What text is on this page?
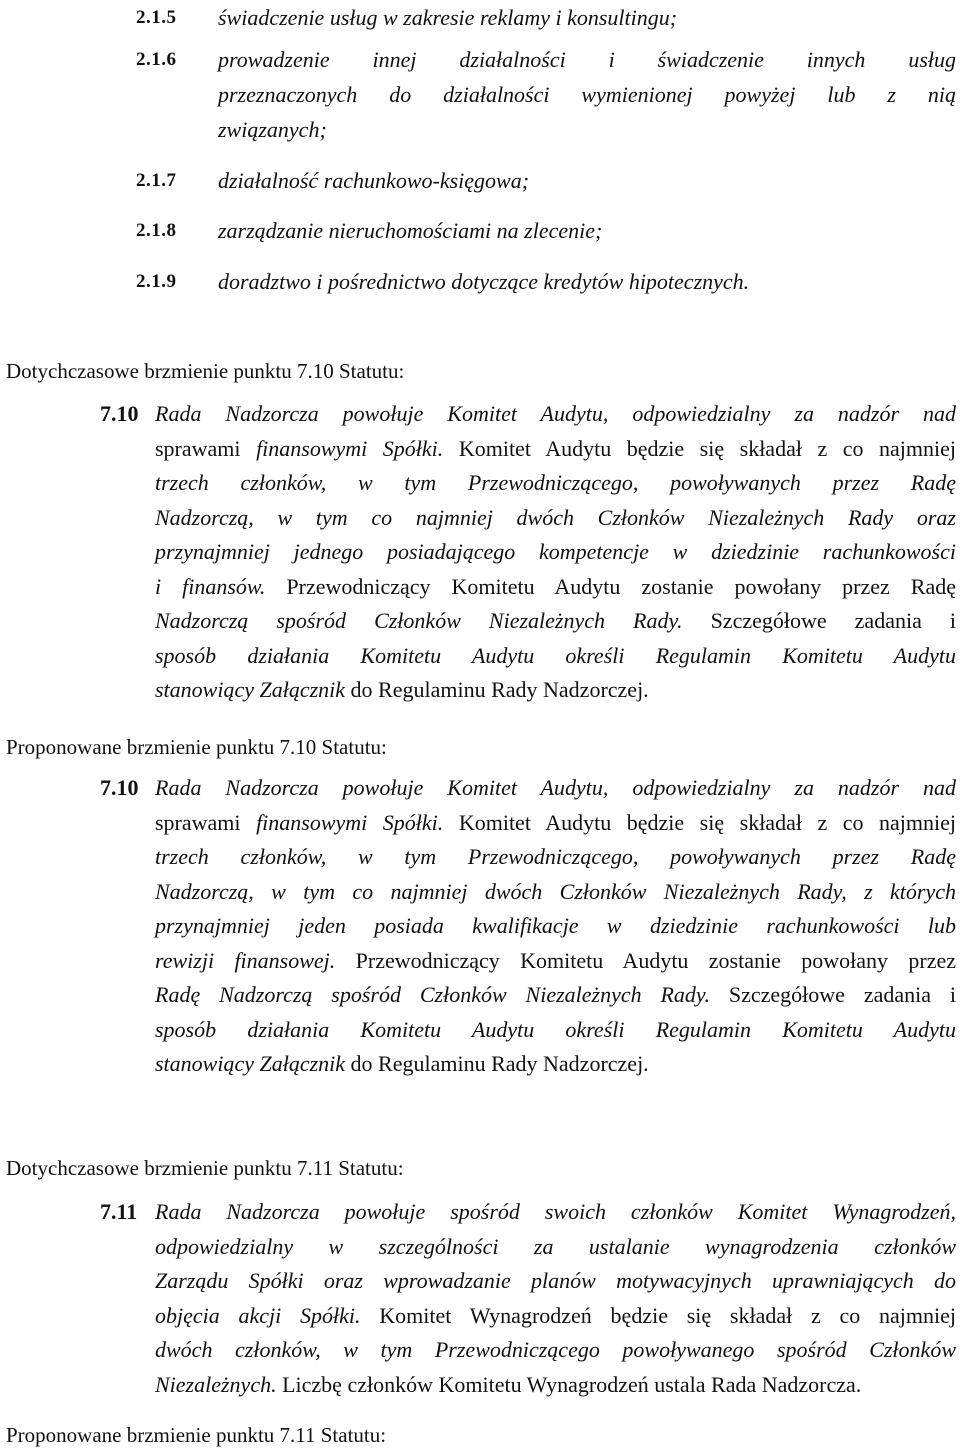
2.1.5 świadczenie usług w zakresie reklamy i konsultingu;
2.1.6 prowadzenie innej działalności i świadczenie innych usług
przeznaczonych do działalności wymienionej powyżej lub z nią
związanych;
2.1.7 działalność rachunkowo-księgowa;
2.1.8 zarządzanie nieruchomościami na zlecenie;
2.1.9 doradztwo i pośrednictwo dotyczące kredytów hipotecznych.
Dotychczasowe brzmienie punktu 7.10 Statutu:
Proponowane brzmienie punktu 7.10 Statutu:
Dotychczasowe brzmienie punktu 7.11 Statutu:
Proponowane brzmienie punktu 7.11 Statutu:
7.10 Rada Nadzorcza powołuje Komitet Audytu, odpowiedzialny za nadzór nad
sprawami finansowymi Spółki. Komitet Audytu będzie się składał z co najmniej
trzech członków, w tym Przewodniczącego, powoływanych przez Radę
Nadzorczą, w tym co najmniej dwóch Członków Niezależnych Rady oraz
przynajmniej jednego posiadającego kompetencje w dziedzinie rachunkowości
i finansów. Przewodniczący Komitetu Audytu zostanie powołany przez Radę
Nadzorczą spośród Członków Niezależnych Rady. Szczegółowe zadania i
sposób działania Komitetu Audytu określi Regulamin Komitetu Audytu
stanowiący Załącznik do Regulaminu Rady Nadzorczej.
7.10 Rada Nadzorcza powołuje Komitet Audytu, odpowiedzialny za nadzór nad
sprawami finansowymi Spółki. Komitet Audytu będzie się składał z co najmniej
trzech członków, w tym Przewodniczącego, powoływanych przez Radę
Nadzorczą, w tym co najmniej dwóch Członków Niezależnych Rady, z których
przynajmniej jeden posiada kwalifikacje w dziedzinie rachunkowości lub
rewizji finansowej. Przewodniczący Komitetu Audytu zostanie powołany przez
Radę Nadzorczą spośród Członków Niezależnych Rady. Szczegółowe zadania i
sposób działania Komitetu Audytu określi Regulamin Komitetu Audytu
stanowiący Załącznik do Regulaminu Rady Nadzorczej.
7.11 Rada Nadzorcza powołuje spośród swoich członków Komitet Wynagrodzeń,
odpowiedzialny w szczególności za ustalanie wynagrodzenia członków
Zarządu Spółki oraz wprowadzanie planów motywacyjnych uprawniających do
objęcia akcji Spółki. Komitet Wynagrodzeń będzie się składał z co najmniej
dwóch członków, w tym Przewodniczącego powoływanego spośród Członków
Niezależnych. Liczbę członków Komitetu Wynagrodzeń ustala Rada Nadzorcza.
